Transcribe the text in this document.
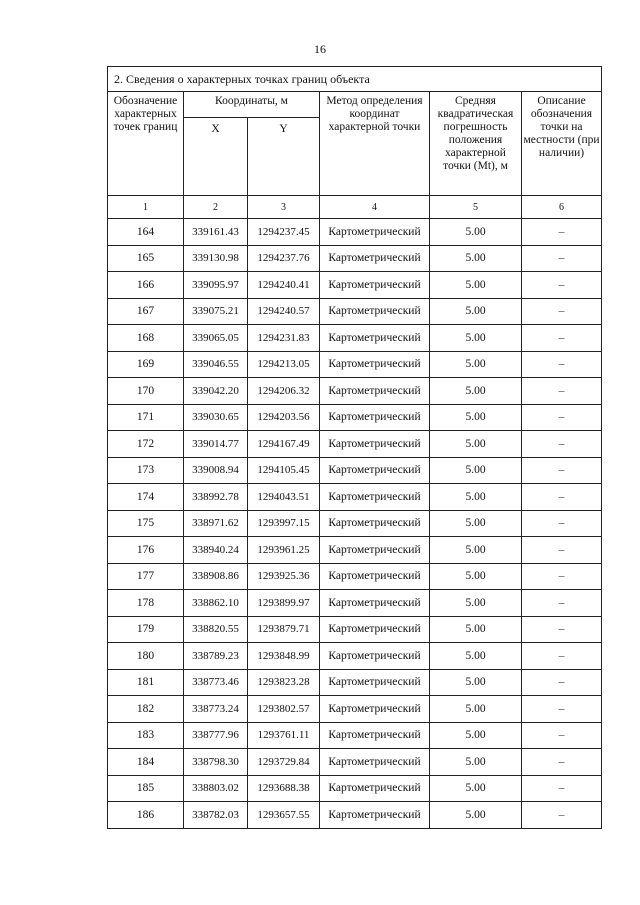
16
2. Сведения о характерных точках границ объекта					
Обозначение характерных точек границ	Координаты, м		Метод определения координат характерной точки	Средняя квадратическая погрешность положения характерной точки (Mt), м	Описание обозначения точки на местности (при наличии)
	X	Y			
1	2	3	4	5	6
164	339161.43	1294237.45	Картометрический	5.00	–
165	339130.98	1294237.76	Картометрический	5.00	–
166	339095.97	1294240.41	Картометрический	5.00	–
167	339075.21	1294240.57	Картометрический	5.00	–
168	339065.05	1294231.83	Картометрический	5.00	–
169	339046.55	1294213.05	Картометрический	5.00	–
170	339042.20	1294206.32	Картометрический	5.00	–
171	339030.65	1294203.56	Картометрический	5.00	–
172	339014.77	1294167.49	Картометрический	5.00	–
173	339008.94	1294105.45	Картометрический	5.00	–
174	338992.78	1294043.51	Картометрический	5.00	–
175	338971.62	1293997.15	Картометрический	5.00	–
176	338940.24	1293961.25	Картометрический	5.00	–
177	338908.86	1293925.36	Картометрический	5.00	–
178	338862.10	1293899.97	Картометрический	5.00	–
179	338820.55	1293879.71	Картометрический	5.00	–
180	338789.23	1293848.99	Картометрический	5.00	–
181	338773.46	1293823.28	Картометрический	5.00	–
182	338773.24	1293802.57	Картометрический	5.00	–
183	338777.96	1293761.11	Картометрический	5.00	–
184	338798.30	1293729.84	Картометрический	5.00	–
185	338803.02	1293688.38	Картометрический	5.00	–
186	338782.03	1293657.55	Картометрический	5.00	–
